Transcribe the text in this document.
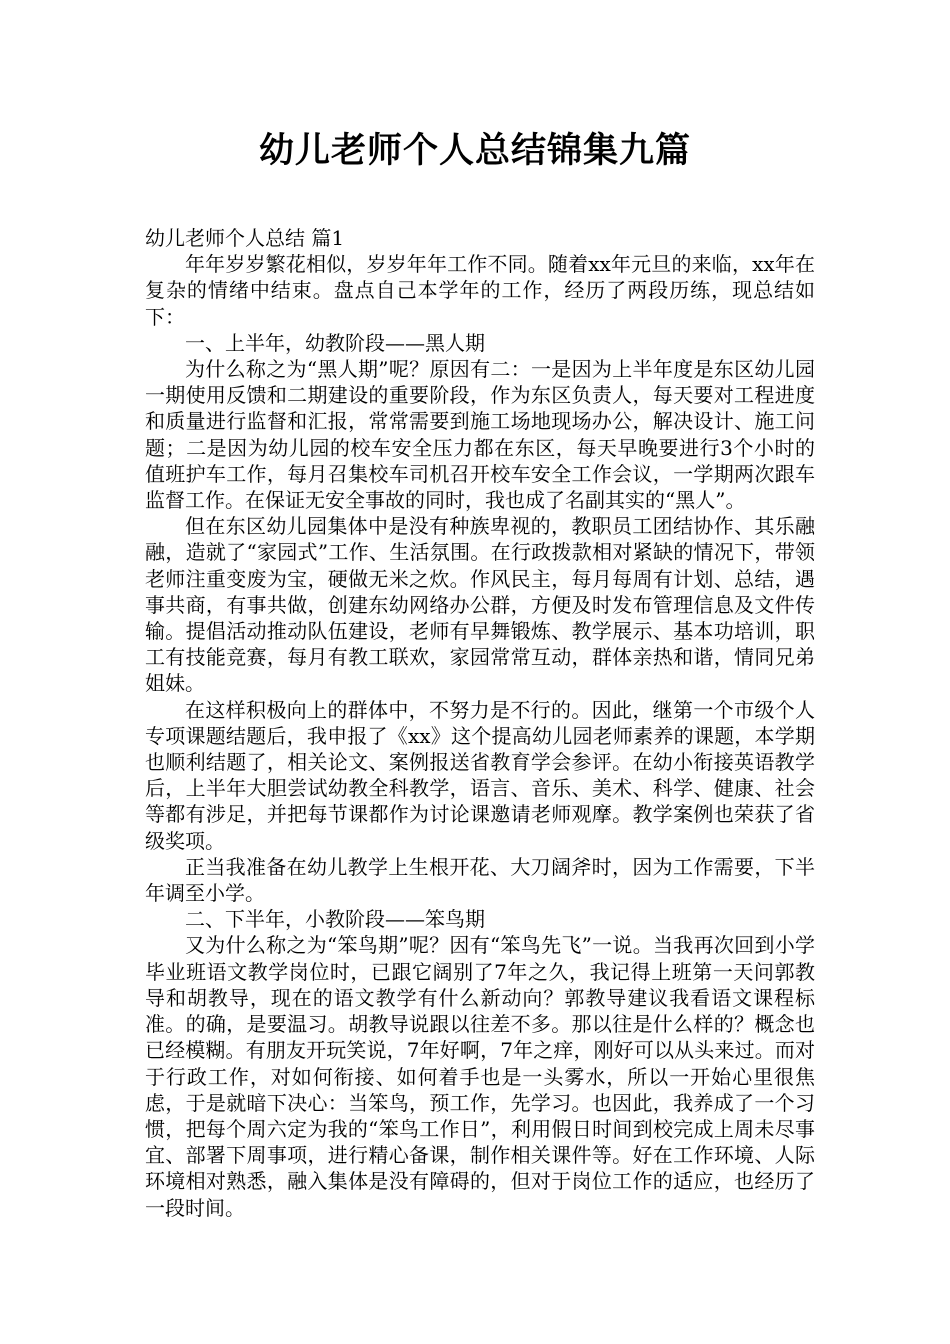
幼儿老师个人总结锦集九篇

幼儿老师个人总结 篇1

年年岁岁繁花相似，岁岁年年工作不同。随着xx年元旦的来临，xx年在复杂的情绪中结束。盘点自己本学年的工作，经历了两段历练，现总结如下：

一、上半年，幼教阶段——黑人期

为什么称之为“黑人期”呢？原因有二：一是因为上半年度是东区幼儿园一期使用反馈和二期建设的重要阶段，作为东区负责人，每天要对工程进度和质量进行监督和汇报，常常需要到施工场地现场办公，解决设计、施工问题；二是因为幼儿园的校车安全压力都在东区，每天早晚要进行3个小时的值班护车工作，每月召集校车司机召开校车安全工作会议，一学期两次跟车监督工作。在保证无安全事故的同时，我也成了名副其实的“黑人”。

但在东区幼儿园集体中是没有种族卑视的，教职员工团结协作、其乐融融，造就了“家园式”工作、生活氛围。在行政拨款相对紧缺的情况下，带领老师注重变废为宝，硬做无米之炊。作风民主，每月每周有计划、总结，遇事共商，有事共做，创建东幼网络办公群，方便及时发布管理信息及文件传输。提倡活动推动队伍建设，老师有早舞锻炼、教学展示、基本功培训，职工有技能竞赛，每月有教工联欢，家园常常互动，群体亲热和谐，情同兄弟姐妹。

在这样积极向上的群体中，不努力是不行的。因此，继第一个市级个人专项课题结题后，我申报了《xx》这个提高幼儿园老师素养的课题，本学期也顺利结题了，相关论文、案例报送省教育学会参评。在幼小衔接英语教学后，上半年大胆尝试幼教全科教学，语言、音乐、美术、科学、健康、社会等都有涉足，并把每节课都作为讨论课邀请老师观摩。教学案例也荣获了省级奖项。

正当我准备在幼儿教学上生根开花、大刀阔斧时，因为工作需要，下半年调至小学。

二、下半年，小教阶段——笨鸟期

又为什么称之为“笨鸟期”呢？因有“笨鸟先飞”一说。当我再次回到小学毕业班语文教学岗位时，已跟它阔别了7年之久，我记得上班第一天问郭教导和胡教导，现在的语文教学有什么新动向？郭教导建议我看语文课程标准。的确，是要温习。胡教导说跟以往差不多。那以往是什么样的？概念也已经模糊。有朋友开玩笑说，7年好啊，7年之痒，刚好可以从头来过。而对于行政工作，对如何衔接、如何着手也是一头雾水，所以一开始心里很焦虑，于是就暗下决心：当笨鸟，预工作，先学习。也因此，我养成了一个习惯，把每个周六定为我的“笨鸟工作日”，利用假日时间到校完成上周未尽事宜、部署下周事项，进行精心备课，制作相关课件等。好在工作环境、人际环境相对熟悉，融入集体是没有障碍的，但对于岗位工作的适应，也经历了一段时间。
